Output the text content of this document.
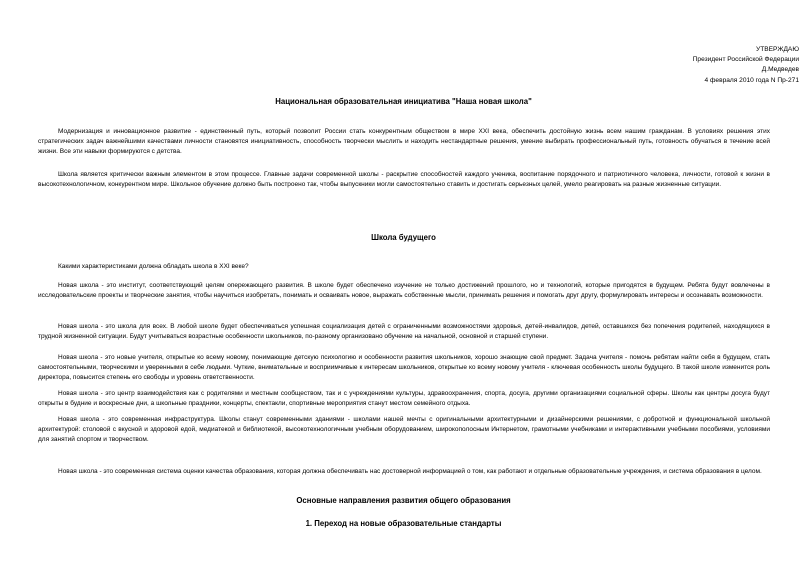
УТВЕРЖДАЮ
Президент Российской Федерации
Д.Медведев
4 февраля 2010 года N Пр-271
Национальная образовательная инициатива "Наша новая школа"

Модернизация и инновационное развитие - единственный путь, который позволит России стать конкурентным обществом в мире XXI века, обеспечить достойную жизнь всем нашим гражданам. В условиях решения этих стратегических задач важнейшими качествами личности становятся инициативность, способность творчески мыслить и находить нестандартные решения, умение выбирать профессиональный путь, готовность обучаться в течение всей жизни. Все эти навыки формируются с детства.

Школа является критически важным элементом в этом процессе. Главные задачи современной школы - раскрытие способностей каждого ученика, воспитание порядочного и патриотичного человека, личности, готовой к жизни в высокотехнологичном, конкурентном мире. Школьное обучение должно быть построено так, чтобы выпускники могли самостоятельно ставить и достигать серьезных целей, умело реагировать на разные жизненные ситуации.

Школа будущего

Какими характеристиками должна обладать школа в XXI веке?

Новая школа - это институт, соответствующий целям опережающего развития. В школе будет обеспечено изучение не только достижений прошлого, но и технологий, которые пригодятся в будущем. Ребята будут вовлечены в исследовательские проекты и творческие занятия, чтобы научиться изобретать, понимать и осваивать новое, выражать собственные мысли, принимать решения и помогать друг другу, формулировать интересы и осознавать возможности.

Новая школа - это школа для всех. В любой школе будет обеспечиваться успешная социализация детей с ограниченными возможностями здоровья, детей-инвалидов, детей, оставшихся без попечения родителей, находящихся в трудной жизненной ситуации. Будут учитываться возрастные особенности школьников, по-разному организовано обучение на начальной, основной и старшей ступени.

Новая школа - это новые учителя, открытые ко всему новому, понимающие детскую психологию и особенности развития школьников, хорошо знающие свой предмет. Задача учителя - помочь ребятам найти себя в будущем, стать самостоятельными, творческими и уверенными в себе людьми. Чуткие, внимательные и восприимчивые к интересам школьников, открытые ко всему новому учителя - ключевая особенность школы будущего. В такой школе изменится роль директора, повысится степень его свободы и уровень ответственности.

Новая школа - это центр взаимодействия как с родителями и местным сообществом, так и с учреждениями культуры, здравоохранения, спорта, досуга, другими организациями социальной сферы. Школы как центры досуга будут открыты в будние и воскресные дни, а школьные праздники, концерты, спектакли, спортивные мероприятия станут местом семейного отдыха.

Новая школа - это современная инфраструктура. Школы станут современными зданиями - школами нашей мечты с оригинальными архитектурными и дизайнерскими решениями, с добротной и функциональной школьной архитектурой: столовой с вкусной и здоровой едой, медиатекой и библиотекой, высокотехнологичным учебным оборудованием, широкополосным Интернетом, грамотными учебниками и интерактивными учебными пособиями, условиями для занятий спортом и творчеством.

Новая школа - это современная система оценки качества образования, которая должна обеспечивать нас достоверной информацией о том, как работают и отдельные образовательные учреждения, и система образования в целом.

Основные направления развития общего образования
1. Переход на новые образовательные стандарты
